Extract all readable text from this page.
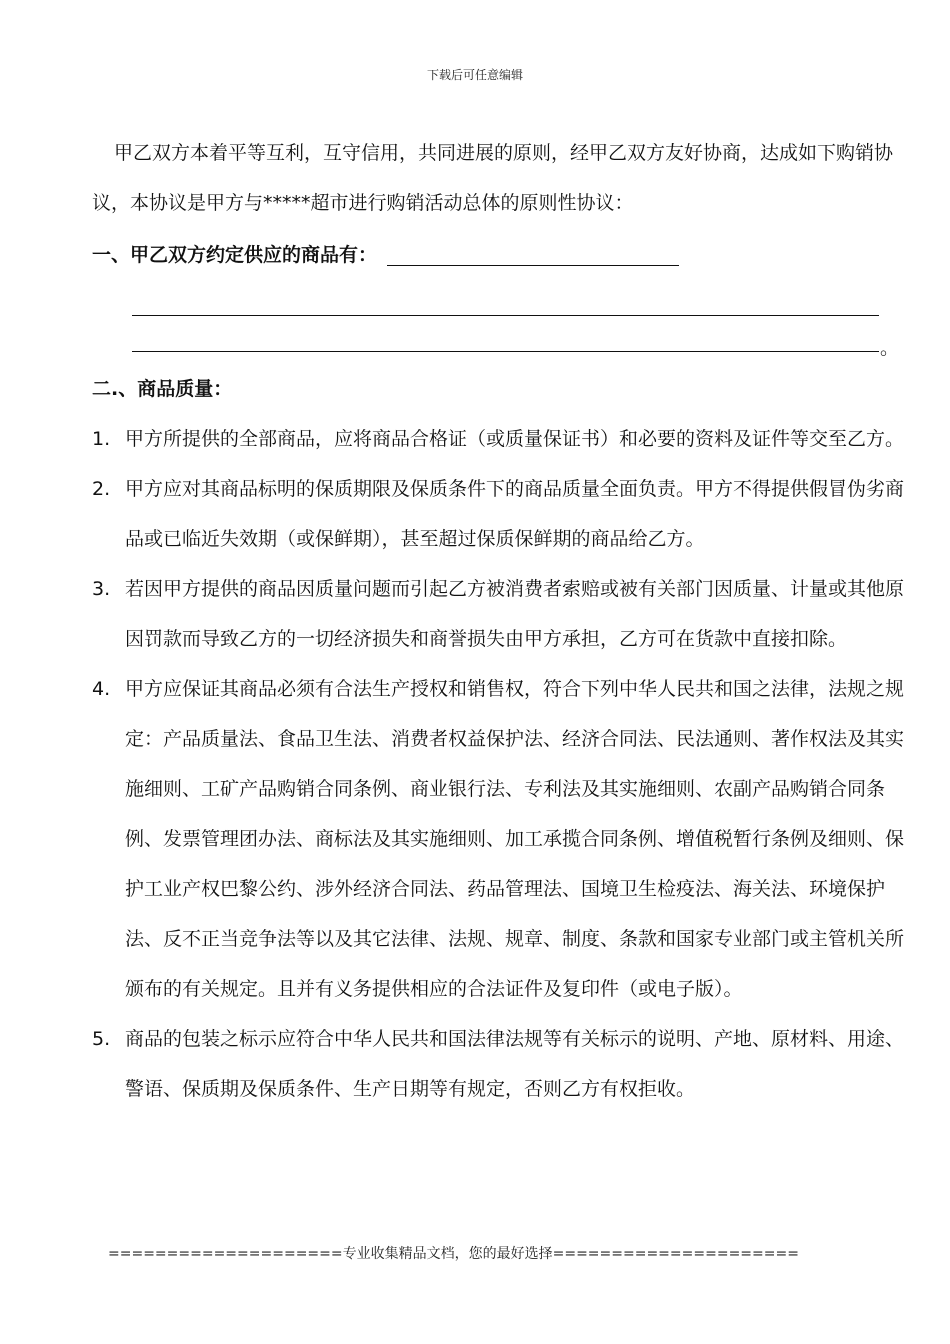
下载后可任意编辑

甲乙双方本着平等互利，互守信用，共同进展的原则，经甲乙双方友好协商，达成如下购销协议，本协议是甲方与*****超市进行购销活动总体的原则性协议：

一、甲乙双方约定供应的商品有：
。

二.、商品质量：

1. 甲方所提供的全部商品，应将商品合格证（或质量保证书）和必要的资料及证件等交至乙方。
2. 甲方应对其商品标明的保质期限及保质条件下的商品质量全面负责。甲方不得提供假冒伪劣商品或已临近失效期（或保鲜期），甚至超过保质保鲜期的商品给乙方。
3. 若因甲方提供的商品因质量问题而引起乙方被消费者索赔或被有关部门因质量、计量或其他原因罚款而导致乙方的一切经济损失和商誉损失由甲方承担，乙方可在货款中直接扣除。
4. 甲方应保证其商品必须有合法生产授权和销售权，符合下列中华人民共和国之法律，法规之规定：产品质量法、食品卫生法、消费者权益保护法、经济合同法、民法通则、著作权法及其实施细则、工矿产品购销合同条例、商业银行法、专利法及其实施细则、农副产品购销合同条例、发票管理团办法、商标法及其实施细则、加工承揽合同条例、增值税暂行条例及细则、保护工业产权巴黎公约、涉外经济合同法、药品管理法、国境卫生检疫法、海关法、环境保护法、反不正当竞争法等以及其它法律、法规、规章、制度、条款和国家专业部门或主管机关所颁布的有关规定。且并有义务提供相应的合法证件及复印件（或电子版）。
5. 商品的包装之标示应符合中华人民共和国法律法规等有关标示的说明、产地、原材料、用途、警语、保质期及保质条件、生产日期等有规定，否则乙方有权拒收。
====================专业收集精品文档，您的最好选择=====================
